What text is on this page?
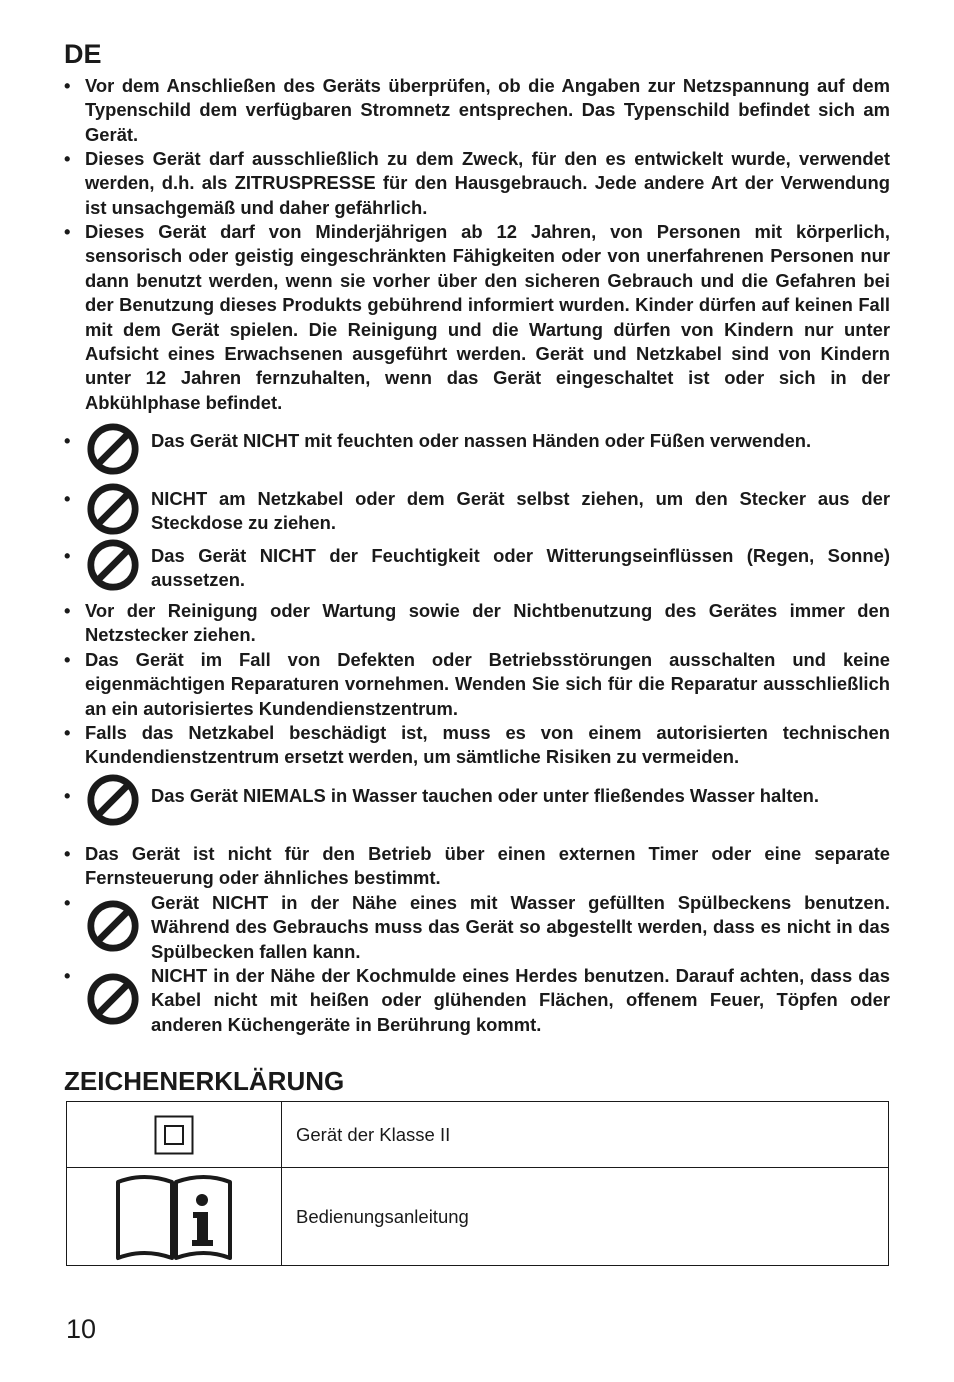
DE
• Vor dem Anschließen des Geräts überprüfen, ob die Angaben zur Netzspannung auf dem Typenschild dem verfügbaren Stromnetz entsprechen. Das Typenschild befindet sich am Gerät.
• Dieses Gerät darf ausschließlich zu dem Zweck, für den es entwickelt wurde, verwendet werden, d.h. als ZITRUSPRESSE für den Hausgebrauch. Jede andere Art der Verwendung ist unsachgemäß und daher gefährlich.
• Dieses Gerät darf von Minderjährigen ab 12 Jahren, von Personen mit körperlich, sensorisch oder geistig eingeschränkten Fähigkeiten oder von unerfahrenen Personen nur dann benutzt werden, wenn sie vorher über den sicheren Gebrauch und die Gefahren bei der Benutzung dieses Produkts gebührend informiert wurden. Kinder dürfen auf keinen Fall mit dem Gerät spielen. Die Reinigung und die Wartung dürfen von Kindern nur unter Aufsicht eines Erwachsenen ausgeführt werden. Gerät und Netzkabel sind von Kindern unter 12 Jahren fernzuhalten, wenn das Gerät eingeschaltet ist oder sich in der Abkühlphase befindet.
•	Das Gerät NICHT mit feuchten oder nassen Händen oder Füßen verwenden.
•	NICHT am Netzkabel oder dem Gerät selbst ziehen, um den Stecker aus der Steckdose zu ziehen.
•	Das Gerät NICHT der Feuchtigkeit oder Witterungseinflüssen (Regen, Sonne) aussetzen.
• Vor der Reinigung oder Wartung sowie der Nichtbenutzung des Gerätes immer den Netzstecker ziehen.
• Das Gerät im Fall von Defekten oder Betriebsstörungen ausschalten und keine eigenmächtigen Reparaturen vornehmen. Wenden Sie sich für die Reparatur ausschließlich an ein autorisiertes Kundendienstzentrum.
• Falls das Netzkabel beschädigt ist, muss es von einem autorisierten technischen Kundendienstzentrum ersetzt werden, um sämtliche Risiken zu vermeiden.
•	Das Gerät NIEMALS in Wasser tauchen oder unter fließendes Wasser halten.
• Das Gerät ist nicht für den Betrieb über einen externen Timer oder eine separate Fernsteuerung oder ähnliches bestimmt.
•	Gerät NICHT in der Nähe eines mit Wasser gefüllten Spülbeckens benutzen. Während des Gebrauchs muss das Gerät so abgestellt werden, dass es nicht in das Spülbecken fallen kann.
•	NICHT in der Nähe der Kochmulde eines Herdes benutzen. Darauf achten, dass das Kabel nicht mit heißen oder glühenden Flächen, offenem Feuer, Töpfen oder anderen Küchengeräte in Berührung kommt.
ZEICHENERKLÄRUNG
	Gerät der Klasse II

	Bedienungsanleitung
10
